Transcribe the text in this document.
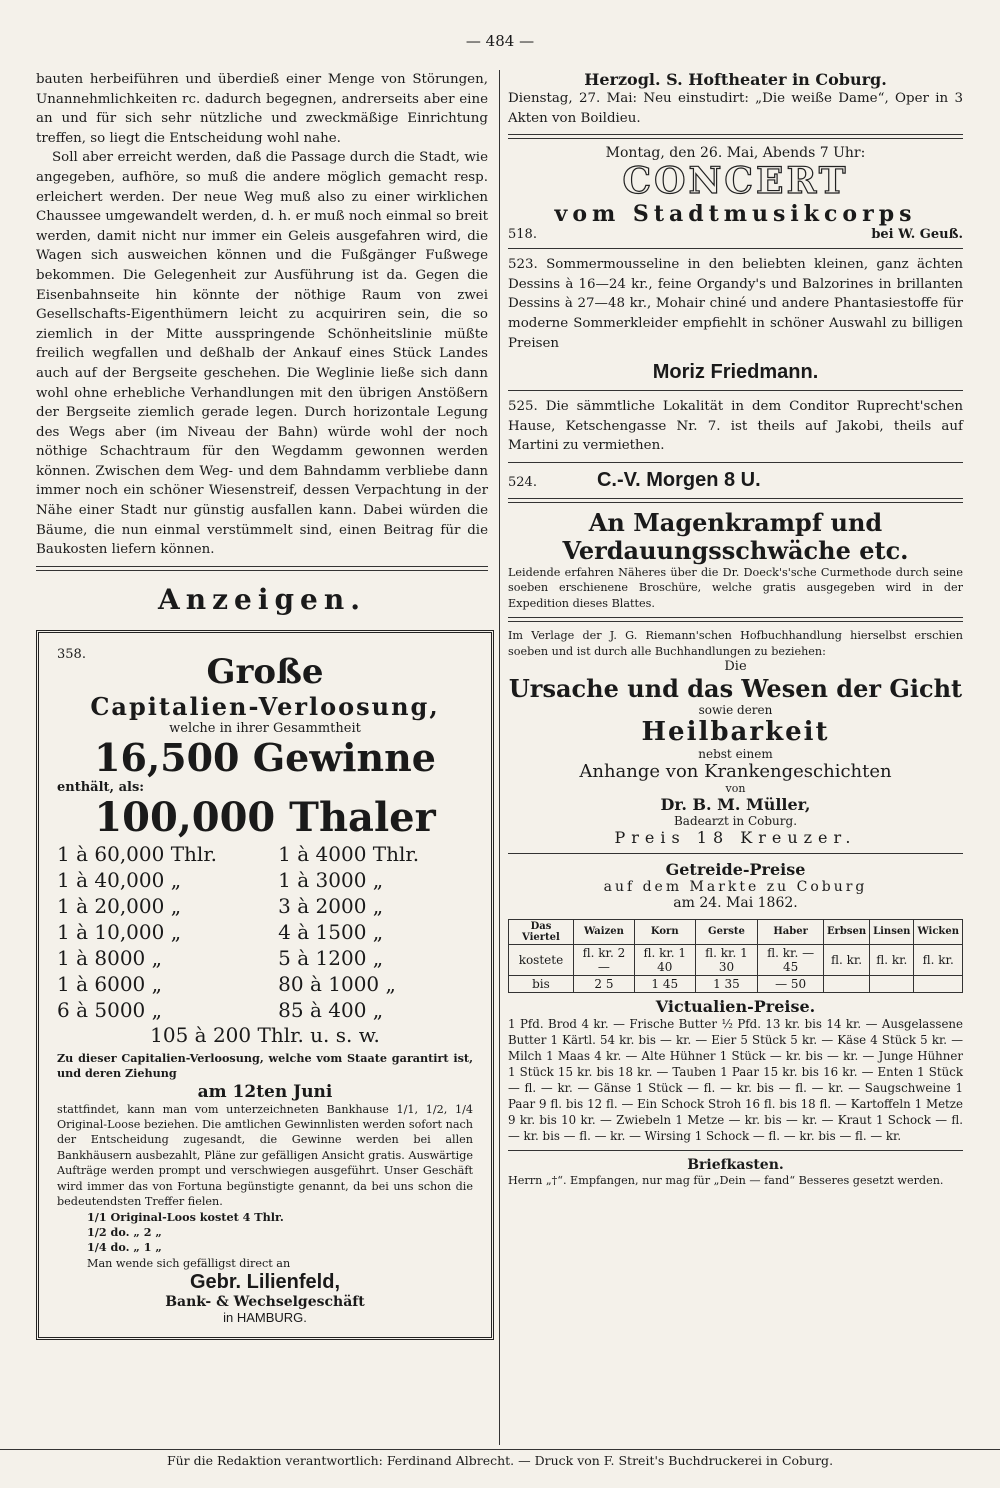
— 484 —

bauten herbeiführen und überdieß einer Menge von Störungen, Unannehmlichkeiten rc. dadurch begegnen, andrerseits aber eine an und für sich sehr nützliche und zweckmäßige Einrichtung treffen, so liegt die Entscheidung wohl nahe.

Soll aber erreicht werden, daß die Passage durch die Stadt, wie angegeben, aufhöre, so muß die andere möglich gemacht resp. erleichert werden. Der neue Weg muß also zu einer wirklichen Chaussee umgewandelt werden, d. h. er muß noch einmal so breit werden, damit nicht nur immer ein Geleis ausgefahren wird, die Wagen sich ausweichen können und die Fußgänger Fußwege bekommen. Die Gelegenheit zur Ausführung ist da. Gegen die Eisenbahnseite hin könnte der nöthige Raum von zwei Gesellschafts-Eigenthümern leicht zu acquiriren sein, die so ziemlich in der Mitte ausspringende Schönheitslinie müßte freilich wegfallen und deßhalb der Ankauf eines Stück Landes auch auf der Bergseite geschehen. Die Weglinie ließe sich dann wohl ohne erhebliche Verhandlungen mit den übrigen Anstößern der Bergseite ziemlich gerade legen. Durch horizontale Legung des Wegs aber (im Niveau der Bahn) würde wohl der noch nöthige Schachtraum für den Wegdamm gewonnen werden können. Zwischen dem Weg- und dem Bahndamm verbliebe dann immer noch ein schöner Wiesenstreif, dessen Verpachtung in der Nähe einer Stadt nur günstig ausfallen kann. Dabei würden die Bäume, die nun einmal verstümmelt sind, einen Beitrag für die Baukosten liefern können.

Anzeigen.
358.	Große
Capitalien-Verloosung,
welche in ihrer Gesammtheit
16,500 Gewinne
enthält, als:
100,000 Thaler
1 à 60,000 Thlr.	1 à 4000 Thlr.
1 à 40,000 „	1 à 3000 „
1 à 20,000 „	3 à 2000 „
1 à 10,000 „	4 à 1500 „
1 à 8000 „	5 à 1200 „
1 à 6000 „	80 à 1000 „
6 à 5000 „	85 à 400 „
105 à 200 Thlr. u. s. w.
Zu dieser Capitalien-Verloosung, welche vom Staate garantirt ist, und deren Ziehung
am 12ten Juni
stattfindet, kann man vom unterzeichneten Bankhause 1/1, 1/2, 1/4 Original-Loose beziehen. Die amtlichen Gewinnlisten werden sofort nach der Entscheidung zugesandt, die Gewinne werden bei allen Bankhäusern ausbezahlt, Pläne zur gefälligen Ansicht gratis. Auswärtige Aufträge werden prompt und verschwiegen ausgeführt. Unser Geschäft wird immer das von Fortuna begünstigte genannt, da bei uns schon die bedeutendsten Treffer fielen.
1/1 Original-Loos kostet 4 Thlr.
1/2 do. „ 2 „
1/4 do. „ 1 „
Man wende sich gefälligst direct an
Gebr. Lilienfeld,
Bank- & Wechselgeschäft
in HAMBURG.
Herzogl. S. Hoftheater in Coburg.
Dienstag, 27. Mai: Neu einstudirt: „Die weiße Dame“, Oper in 3 Akten von Boildieu.
Montag, den 26. Mai, Abends 7 Uhr:
CONCERT
vom Stadtmusikcorps
518.	bei W. Geuß.
523. Sommermousseline in den beliebten kleinen, ganz ächten Dessins à 16—24 kr., feine Organdy's und Balzorines in brillanten Dessins à 27—48 kr., Mohair chiné und andere Phantasiestoffe für moderne Sommerkleider empfiehlt in schöner Auswahl zu billigen Preisen
Moriz Friedmann.
525. Die sämmtliche Lokalität in dem Conditor Ruprecht'schen Hause, Ketschengasse Nr. 7. ist theils auf Jakobi, theils auf Martini zu vermiethen.
524.	C.-V. Morgen 8 U.
An Magenkrampf und Verdauungsschwäche etc.
Leidende erfahren Näheres über die Dr. Doeck's'sche Curmethode durch seine soeben erschienene Broschüre, welche gratis ausgegeben wird in der Expedition dieses Blattes.
Im Verlage der J. G. Riemann'schen Hofbuchhandlung hierselbst erschien soeben und ist durch alle Buchhandlungen zu beziehen:
Die
Ursache und das Wesen der Gicht
sowie deren
Heilbarkeit
nebst einem
Anhange von Krankengeschichten
von
Dr. B. M. Müller,
Badearzt in Coburg.
Preis 18 Kreuzer.
Getreide-Preise
auf dem Markte zu Coburg
am 24. Mai 1862.
Das Viertel	Waizen	Korn	Gerste	Haber	Erbsen	Linsen	Wicken
kostete	fl. kr. 2 —	fl. kr. 1 40	fl. kr. 1 30	fl. kr. — 45	fl. kr.	fl. kr.	fl. kr.
bis	2 5	1 45	1 35	— 50			
Victualien-Preise.
1 Pfd. Brod 4 kr. — Frische Butter ½ Pfd. 13 kr. bis 14 kr. — Ausgelassene Butter 1 Kärtl. 54 kr. bis — kr. — Eier 5 Stück 5 kr. — Käse 4 Stück 5 kr. — Milch 1 Maas 4 kr. — Alte Hühner 1 Stück — kr. bis — kr. — Junge Hühner 1 Stück 15 kr. bis 18 kr. — Tauben 1 Paar 15 kr. bis 16 kr. — Enten 1 Stück — fl. — kr. — Gänse 1 Stück — fl. — kr. bis — fl. — kr. — Saugschweine 1 Paar 9 fl. bis 12 fl. — Ein Schock Stroh 16 fl. bis 18 fl. — Kartoffeln 1 Metze 9 kr. bis 10 kr. — Zwiebeln 1 Metze — kr. bis — kr. — Kraut 1 Schock — fl. — kr. bis — fl. — kr. — Wirsing 1 Schock — fl. — kr. bis — fl. — kr.
Briefkasten.
Herrn „†“. Empfangen, nur mag für „Dein — fand“ Besseres gesetzt werden.
Für die Redaktion verantwortlich: Ferdinand Albrecht. — Druck von F. Streit's Buchdruckerei in Coburg.
